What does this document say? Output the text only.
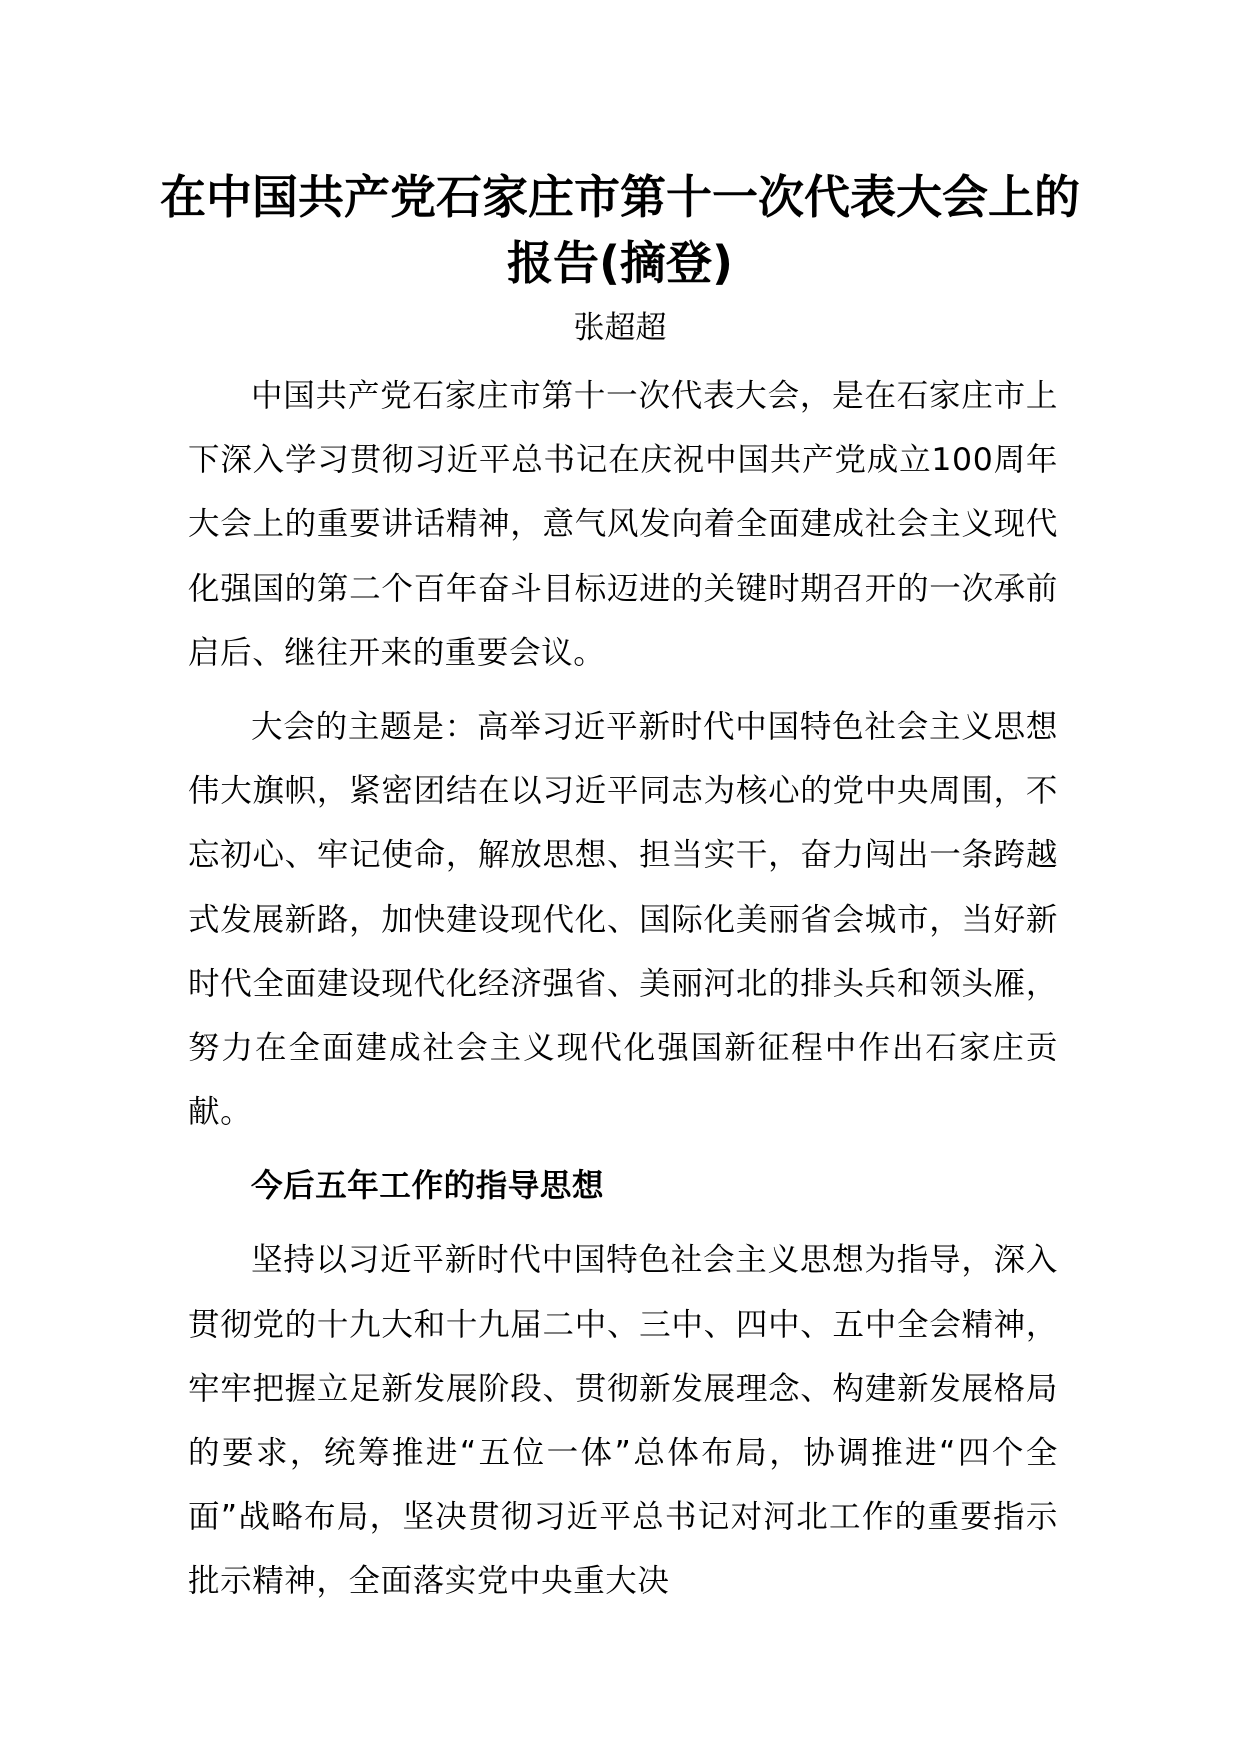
在中国共产党石家庄市第十一次代表大会上的报告(摘登)
张超超

中国共产党石家庄市第十一次代表大会，是在石家庄市上下深入学习贯彻习近平总书记在庆祝中国共产党成立100周年大会上的重要讲话精神，意气风发向着全面建成社会主义现代化强国的第二个百年奋斗目标迈进的关键时期召开的一次承前启后、继往开来的重要会议。

大会的主题是：高举习近平新时代中国特色社会主义思想伟大旗帜，紧密团结在以习近平同志为核心的党中央周围，不忘初心、牢记使命，解放思想、担当实干，奋力闯出一条跨越式发展新路，加快建设现代化、国际化美丽省会城市，当好新时代全面建设现代化经济强省、美丽河北的排头兵和领头雁，努力在全面建成社会主义现代化强国新征程中作出石家庄贡献。

今后五年工作的指导思想

坚持以习近平新时代中国特色社会主义思想为指导，深入贯彻党的十九大和十九届二中、三中、四中、五中全会精神，牢牢把握立足新发展阶段、贯彻新发展理念、构建新发展格局的要求，统筹推进“五位一体”总体布局，协调推进“四个全面”战略布局，坚决贯彻习近平总书记对河北工作的重要指示批示精神，全面落实党中央重大决
